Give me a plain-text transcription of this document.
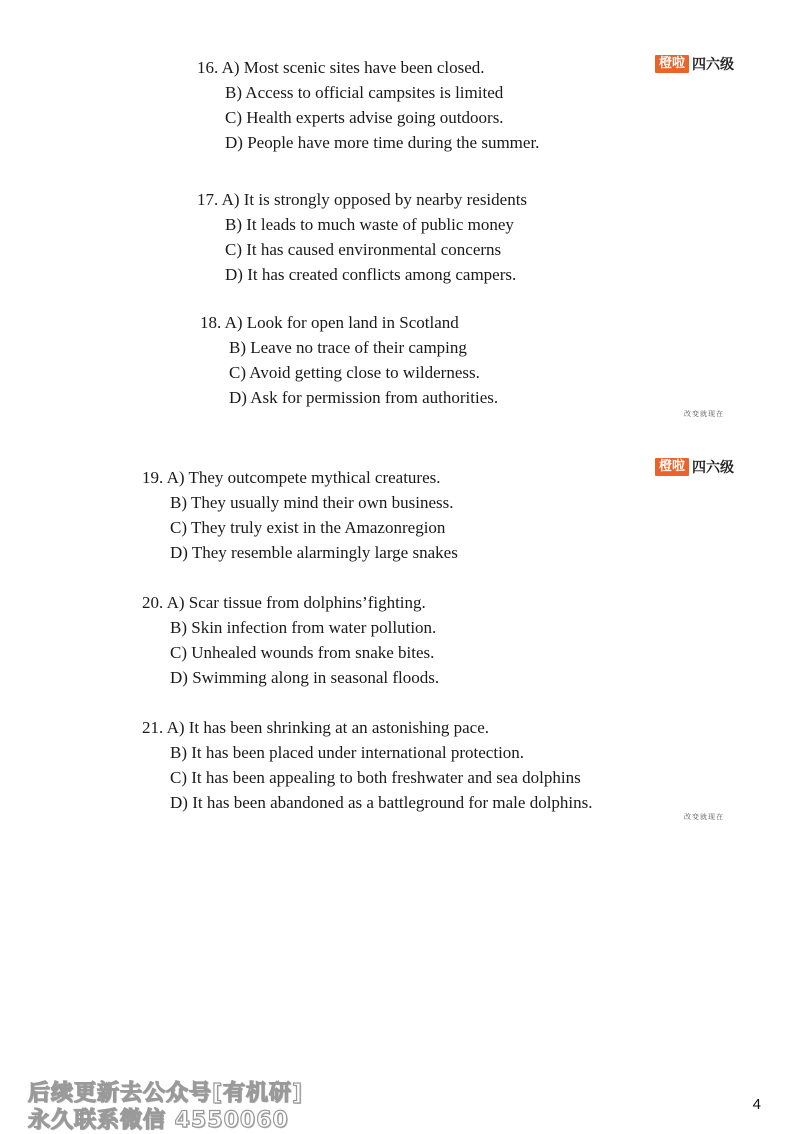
橙啦 四六级
改变就现在
橙啦 四六级
改变就现在
16. A) Most scenic sites have been closed.
B) Access to official campsites is limited
C) Health experts advise going outdoors.
D) People have more time during the summer.
17. A) It is strongly opposed by nearby residents
B) It leads to much waste of public money
C) It has caused environmental concerns
D) It has created conflicts among campers.
18. A) Look for open land in Scotland
B) Leave no trace of their camping
C) Avoid getting close to wilderness.
D) Ask for permission from authorities.
19. A) They outcompete mythical creatures.
B) They usually mind their own business.
C) They truly exist in the Amazonregion
D) They resemble alarmingly large snakes
20. A) Scar tissue from dolphins’fighting.
B) Skin infection from water pollution.
C) Unhealed wounds from snake bites.
D) Swimming along in seasonal floods.
21. A) It has been shrinking at an astonishing pace.
B) It has been placed under international protection.
C) It has been appealing to both freshwater and sea dolphins
D) It has been abandoned as a battleground for male dolphins.
后续更新去公众号[有机研]
永久联系微信 4550060
4
